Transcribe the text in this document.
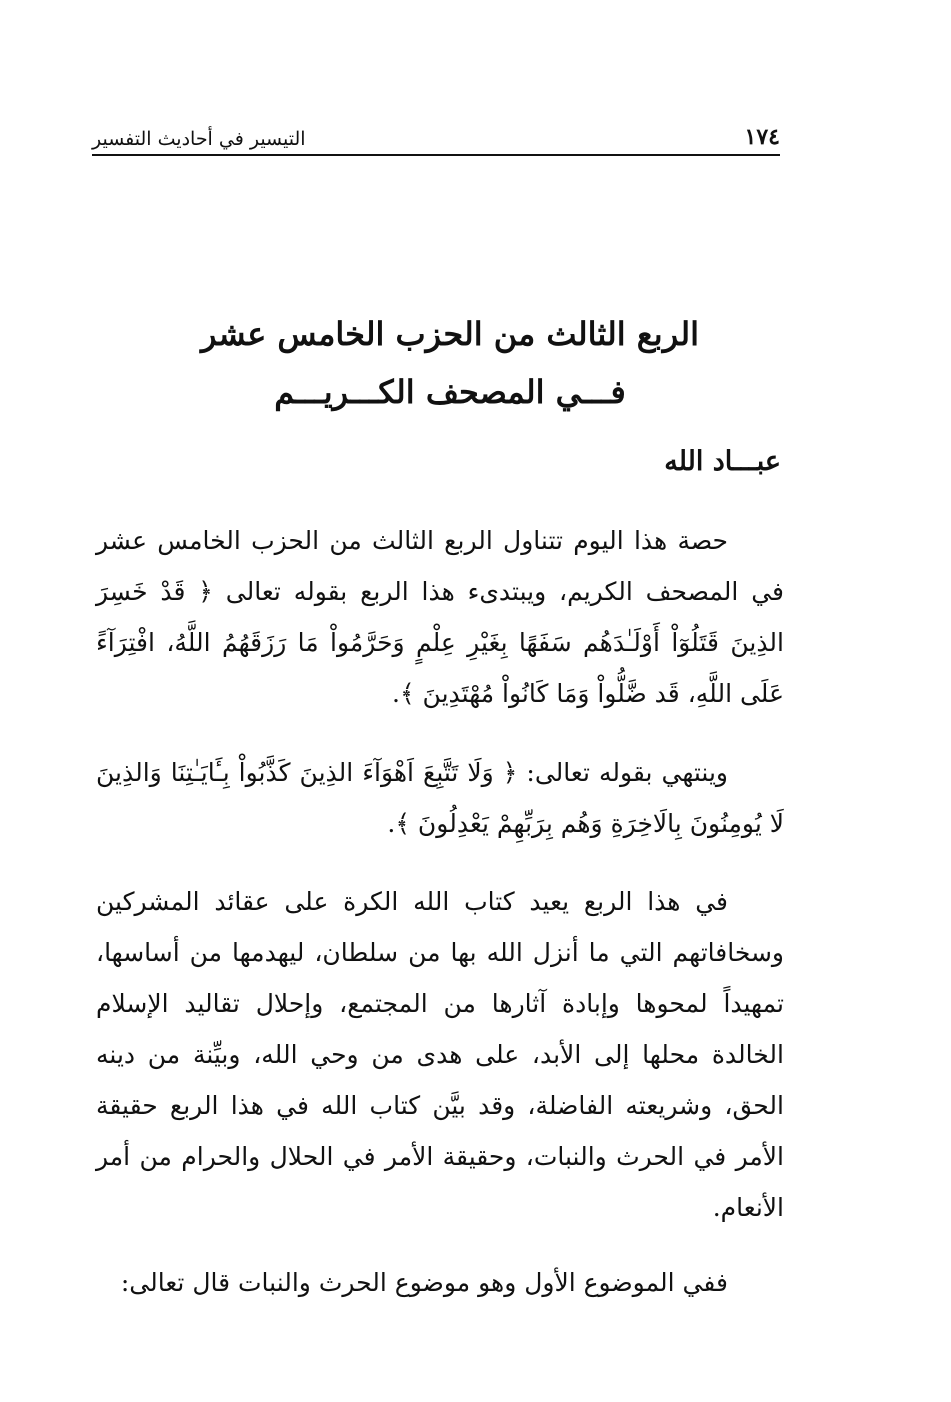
١٧٤
التيسير في أحاديث التفسير
الربع الثالث من الحزب الخامس عشر
فـــي المصحف الكـــريـــم
عبـــاد الله

حصة هذا اليوم تتناول الربع الثالث من الحزب الخامس عشر في المصحف الكريم، ويبتدىء هذا الربع بقوله تعالى ﴿ قَدْ خَسِرَ الذِينَ قَتَلُوٓاْ أَوْلَـٰدَهُم سَفَهًا بِغَيْرِ عِلْمٍ وَحَرَّمُواْ مَا رَزَقَهُمُ اللَّهُ، افْتِرَآءً عَلَى اللَّهِ، قَد ضَّلُّواْ وَمَا كَانُواْ مُهْتَدِينَ ﴾.

وينتهي بقوله تعالى: ﴿ وَلَا تَتَّبِعَ اَهْوَآءَ الذِينَ كَذَّبُواْ بِـَٔايَـٰتِنَا وَالذِينَ لَا يُومِنُونَ بِالَاخِرَةِ وَهُم بِرَبِّهِمْ يَعْدِلُونَ ﴾.

في هذا الربع يعيد كتاب الله الكرة على عقائد المشركين وسخافاتهم التي ما أنزل الله بها من سلطان، ليهدمها من أساسها، تمهيداً لمحوها وإبادة آثارها من المجتمع، وإحلال تقاليد الإسلام الخالدة محلها إلى الأبد، على هدى من وحي الله، وبيِّنة من دينه الحق، وشريعته الفاضلة، وقد بيَّن كتاب الله في هذا الربع حقيقة الأمر في الحرث والنبات، وحقيقة الأمر في الحلال والحرام من أمر الأنعام.

ففي الموضوع الأول وهو موضوع الحرث والنبات قال تعالى:
